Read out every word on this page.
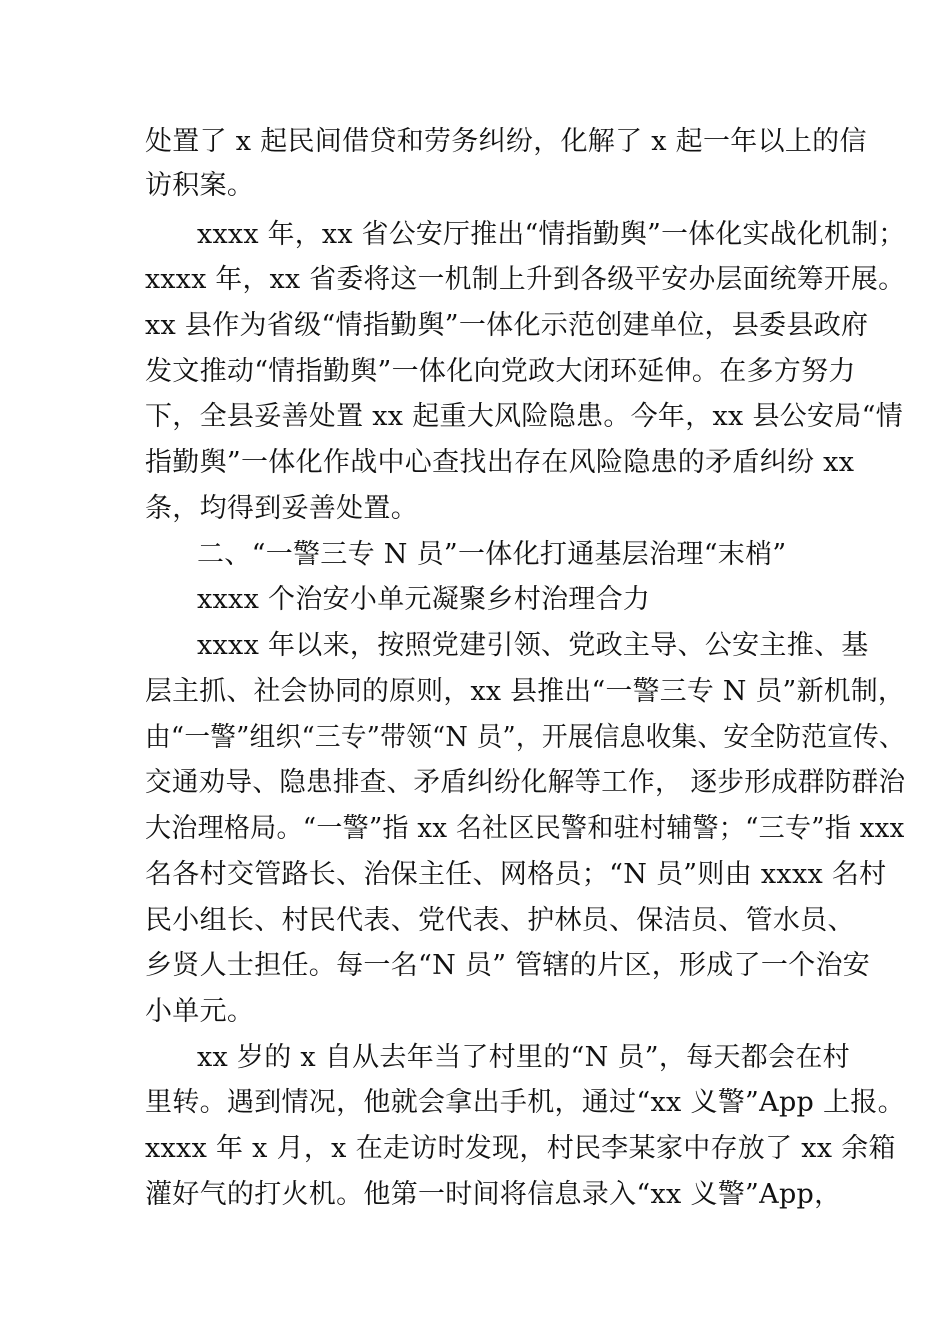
处置了 x 起民间借贷和劳务纠纷，化解了 x 起一年以上的信
访积案。
xxxx 年，xx 省公安厅推出“情指勤舆”一体化实战化机制；
xxxx 年，xx 省委将这一机制上升到各级平安办层面统筹开展。
xx 县作为省级“情指勤舆”一体化示范创建单位，县委县政府
发文推动“情指勤舆”一体化向党政大闭环延伸。在多方努力
下，全县妥善处置 xx 起重大风险隐患。今年，xx 县公安局“情
指勤舆”一体化作战中心查找出存在风险隐患的矛盾纠纷 xx
条，均得到妥善处置。
二、“一警三专 N 员”一体化打通基层治理“末梢”
xxxx 个治安小单元凝聚乡村治理合力
xxxx 年以来，按照党建引领、党政主导、公安主推、基
层主抓、社会协同的原则，xx 县推出“一警三专 N 员”新机制，
由“一警”组织“三专”带领“N 员”，开展信息收集、安全防范宣传、
交通劝导、隐患排查、矛盾纠纷化解等工作， 逐步形成群防群治
大治理格局。“一警”指 xx 名社区民警和驻村辅警；“三专”指 xxx
名各村交管路长、治保主任、网格员；“N 员”则由 xxxx 名村
民小组长、村民代表、党代表、护林员、保洁员、管水员、
乡贤人士担任。每一名“N 员” 管辖的片区，形成了一个治安
小单元。
xx 岁的 x 自从去年当了村里的“N 员”，每天都会在村
里转。遇到情况，他就会拿出手机，通过“xx 义警”App 上报。
xxxx 年 x 月，x 在走访时发现，村民李某家中存放了 xx 余箱
灌好气的打火机。他第一时间将信息录入“xx 义警”App，
